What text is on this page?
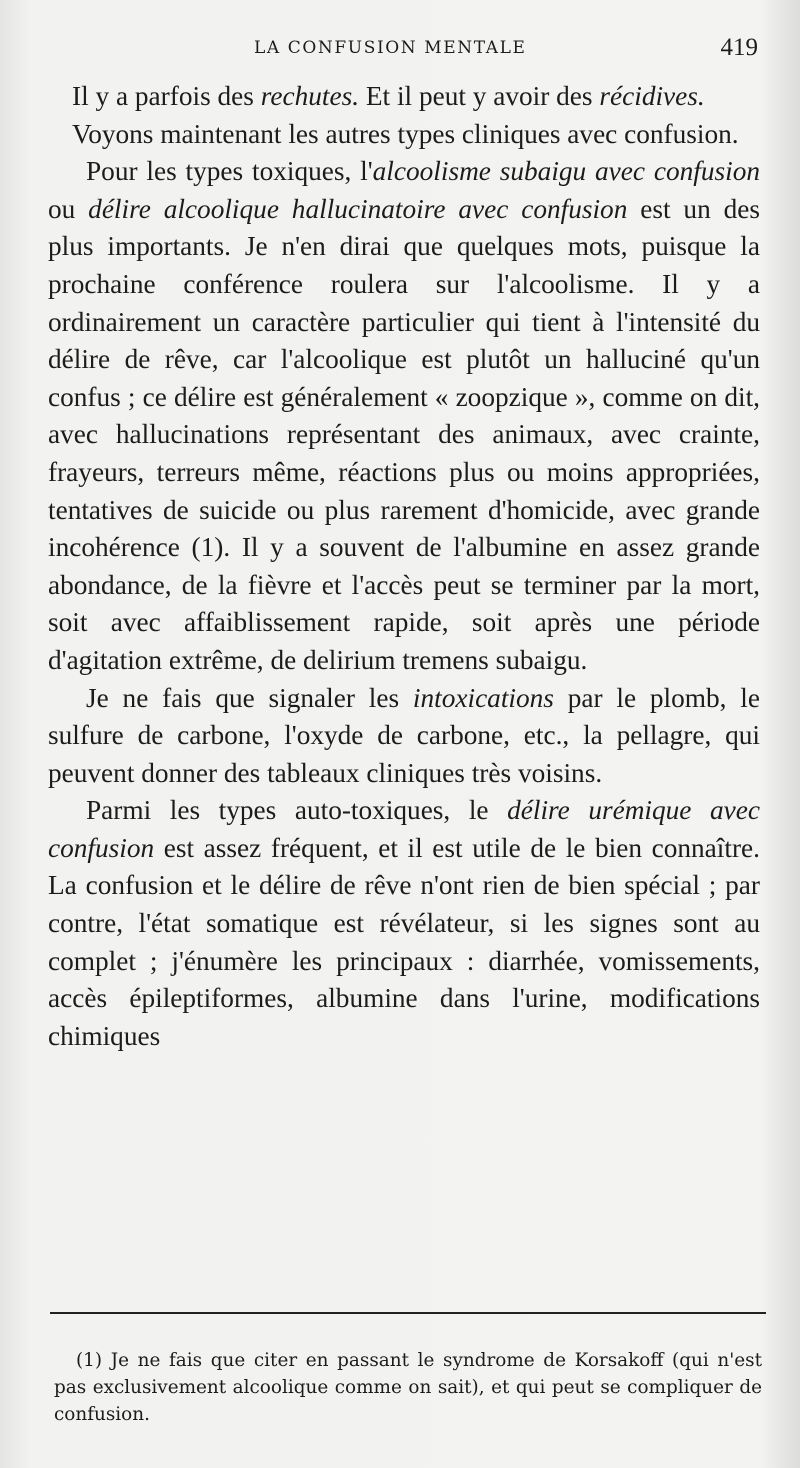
LA CONFUSION MENTALE	419

Il y a parfois des rechutes. Et il peut y avoir des récidives.

Voyons maintenant les autres types cliniques avec confusion.

Pour les types toxiques, l'alcoolisme subaigu avec confusion ou délire alcoolique hallucinatoire avec confusion est un des plus importants. Je n'en dirai que quelques mots, puisque la prochaine conférence roulera sur l'alcoolisme. Il y a ordinairement un caractère particulier qui tient à l'intensité du délire de rêve, car l'alcoolique est plutôt un halluciné qu'un confus ; ce délire est généralement « zoopzique », comme on dit, avec hallucinations représentant des animaux, avec crainte, frayeurs, terreurs même, réactions plus ou moins appropriées, tentatives de suicide ou plus rarement d'homicide, avec grande incohérence (1). Il y a souvent de l'albumine en assez grande abondance, de la fièvre et l'accès peut se terminer par la mort, soit avec affaiblissement rapide, soit après une période d'agitation extrême, de delirium tremens subaigu.

Je ne fais que signaler les intoxications par le plomb, le sulfure de carbone, l'oxyde de carbone, etc., la pellagre, qui peuvent donner des tableaux cliniques très voisins.

Parmi les types auto-toxiques, le délire urémique avec confusion est assez fréquent, et il est utile de le bien connaître. La confusion et le délire de rêve n'ont rien de bien spécial ; par contre, l'état somatique est révélateur, si les signes sont au complet ; j'énumère les principaux : diarrhée, vomissements, accès épileptiformes, albumine dans l'urine, modifications chimiques

(1) Je ne fais que citer en passant le syndrome de Korsakoff (qui n'est pas exclusivement alcoolique comme on sait), et qui peut se compliquer de confusion.
